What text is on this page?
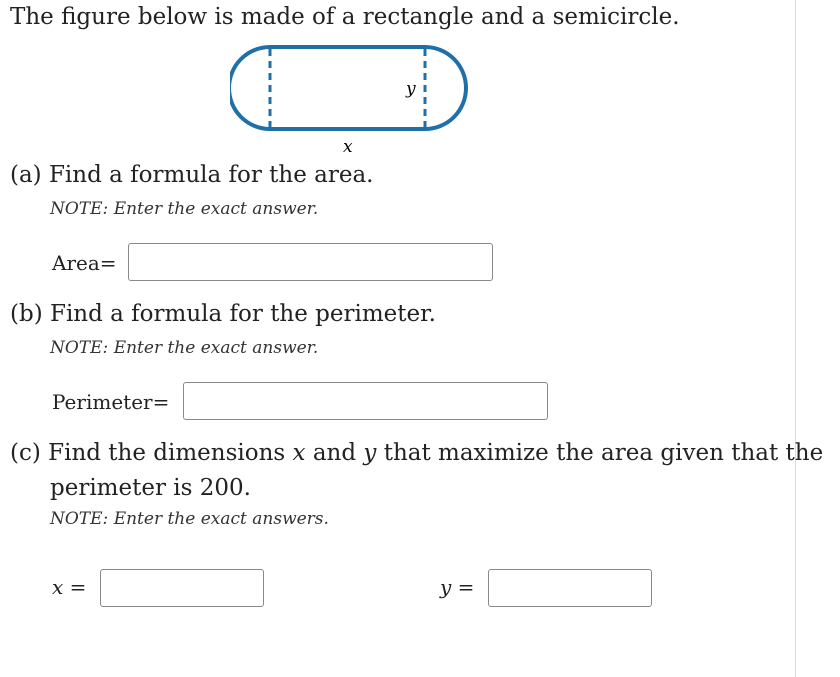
The figure below is made of a rectangle and a semicircle.
y
x
(a) Find a formula for the area.
NOTE: Enter the exact answer.
Area=
(b) Find a formula for the perimeter.
NOTE: Enter the exact answer.
Perimeter=
(c) Find the dimensions x and y that maximize the area given that the
perimeter is 200.
NOTE: Enter the exact answers.
x =	y =
